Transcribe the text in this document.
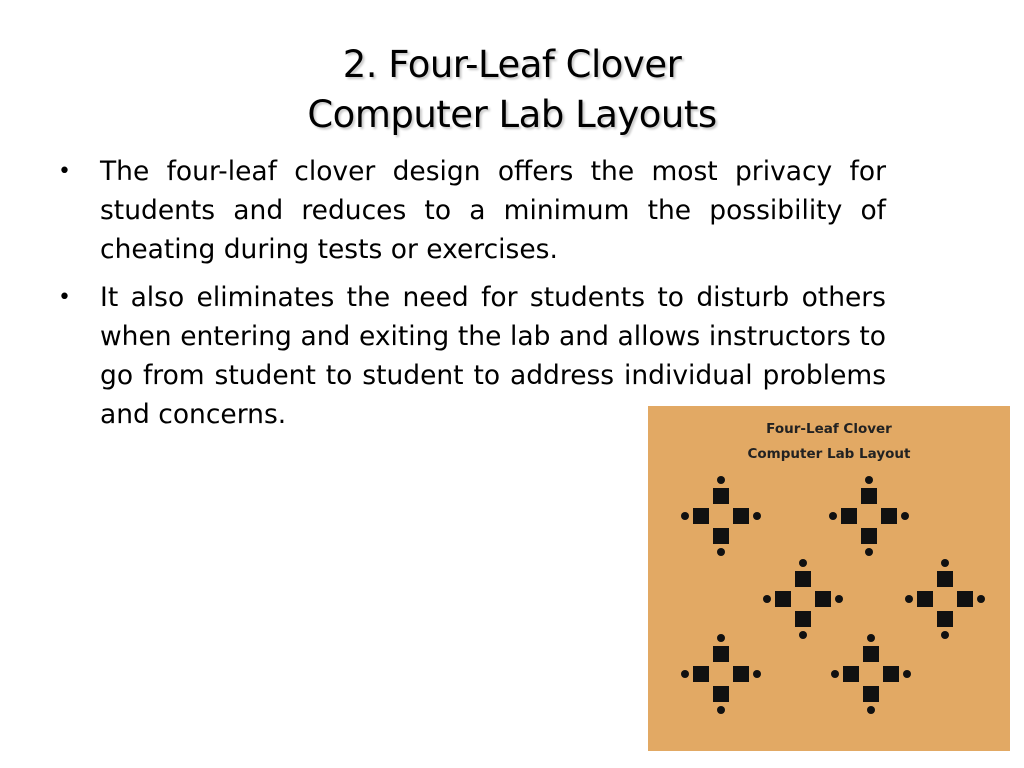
2. Four-Leaf Clover
Computer Lab Layouts
• The four-leaf clover design offers the most privacy for students and reduces to a minimum the possibility of cheating during tests or exercises.
• It also eliminates the need for students to disturb others when entering and exiting the lab and allows instructors to go from student to student to address individual problems and concerns.	Four-Leaf Clover
Computer Lab Layout
